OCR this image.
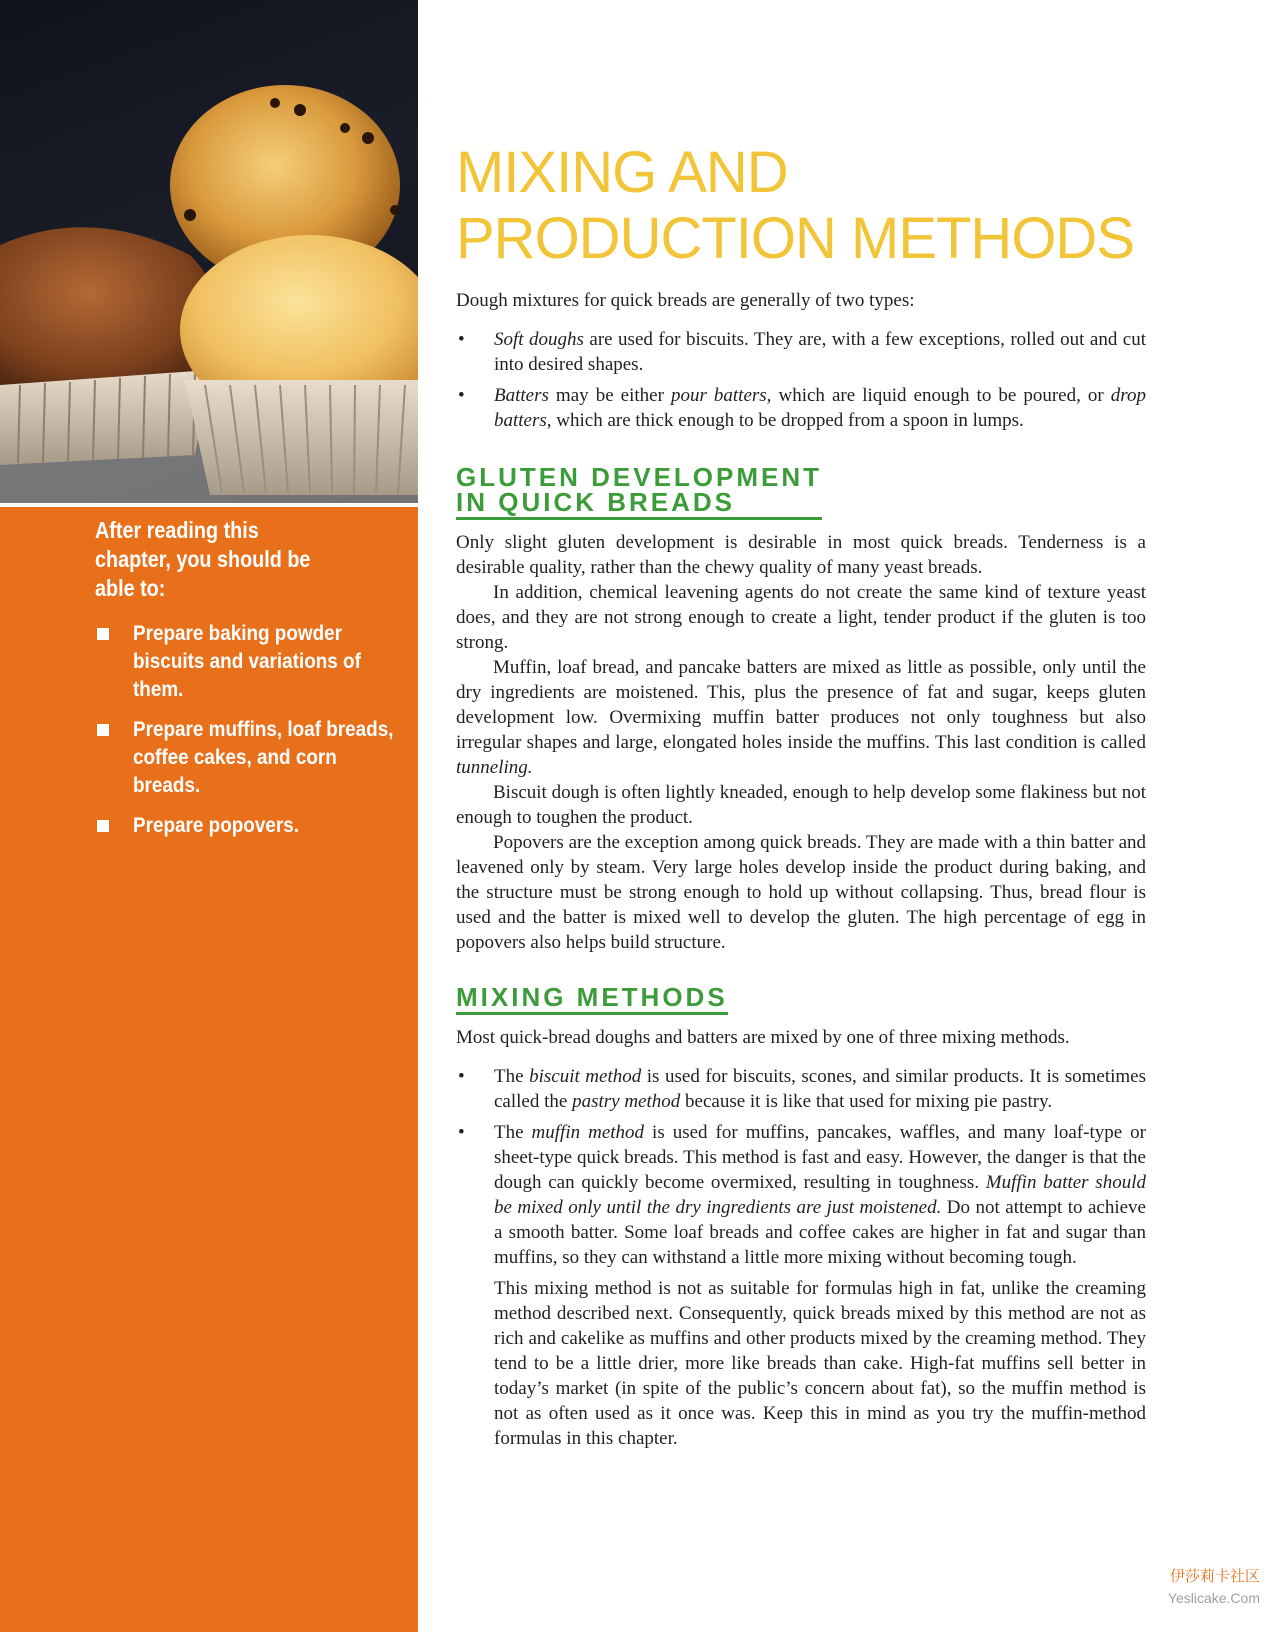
After reading this chapter, you should be able to:
Prepare baking powder biscuits and variations of them.
Prepare muffins, loaf breads, coffee cakes, and corn breads.
Prepare popovers.
MIXING AND
PRODUCTION METHODS

Dough mixtures for quick breads are generally of two types:

• Soft doughs are used for biscuits. They are, with a few exceptions, rolled out and cut into desired shapes.
• Batters may be either pour batters, which are liquid enough to be poured, or drop batters, which are thick enough to be dropped from a spoon in lumps.
GLUTEN DEVELOPMENT
IN QUICK BREADS

Only slight gluten development is desirable in most quick breads. Tenderness is a desirable quality, rather than the chewy quality of many yeast breads.

In addition, chemical leavening agents do not create the same kind of texture yeast does, and they are not strong enough to create a light, tender product if the gluten is too strong.

Muffin, loaf bread, and pancake batters are mixed as little as possible, only until the dry ingredients are moistened. This, plus the presence of fat and sugar, keeps gluten development low. Overmixing muffin batter produces not only toughness but also irregular shapes and large, elongated holes inside the muffins. This last condition is called tunneling.

Biscuit dough is often lightly kneaded, enough to help develop some flakiness but not enough to toughen the product.

Popovers are the exception among quick breads. They are made with a thin batter and leavened only by steam. Very large holes develop inside the product during baking, and the structure must be strong enough to hold up without collapsing. Thus, bread flour is used and the batter is mixed well to develop the gluten. The high percentage of egg in popovers also helps build structure.

MIXING METHODS

Most quick-bread doughs and batters are mixed by one of three mixing methods.

• The biscuit method is used for biscuits, scones, and similar products. It is sometimes called the pastry method because it is like that used for mixing pie pastry.
• The muffin method is used for muffins, pancakes, waffles, and many loaf-type or sheet-type quick breads. This method is fast and easy. However, the danger is that the dough can quickly become overmixed, resulting in toughness. Muffin batter should be mixed only until the dry ingredients are just moistened. Do not attempt to achieve a smooth batter. Some loaf breads and coffee cakes are higher in fat and sugar than muffins, so they can withstand a little more mixing without becoming tough.

This mixing method is not as suitable for formulas high in fat, unlike the creaming method described next. Consequently, quick breads mixed by this method are not as rich and cakelike as muffins and other products mixed by the creaming method. They tend to be a little drier, more like breads than cake. High-fat muffins sell better in today’s market (in spite of the public’s concern about fat), so the muffin method is not as often used as it once was. Keep this in mind as you try the muffin-method formulas in this chapter.

伊莎莉卡社区
Yeslicake.Com
